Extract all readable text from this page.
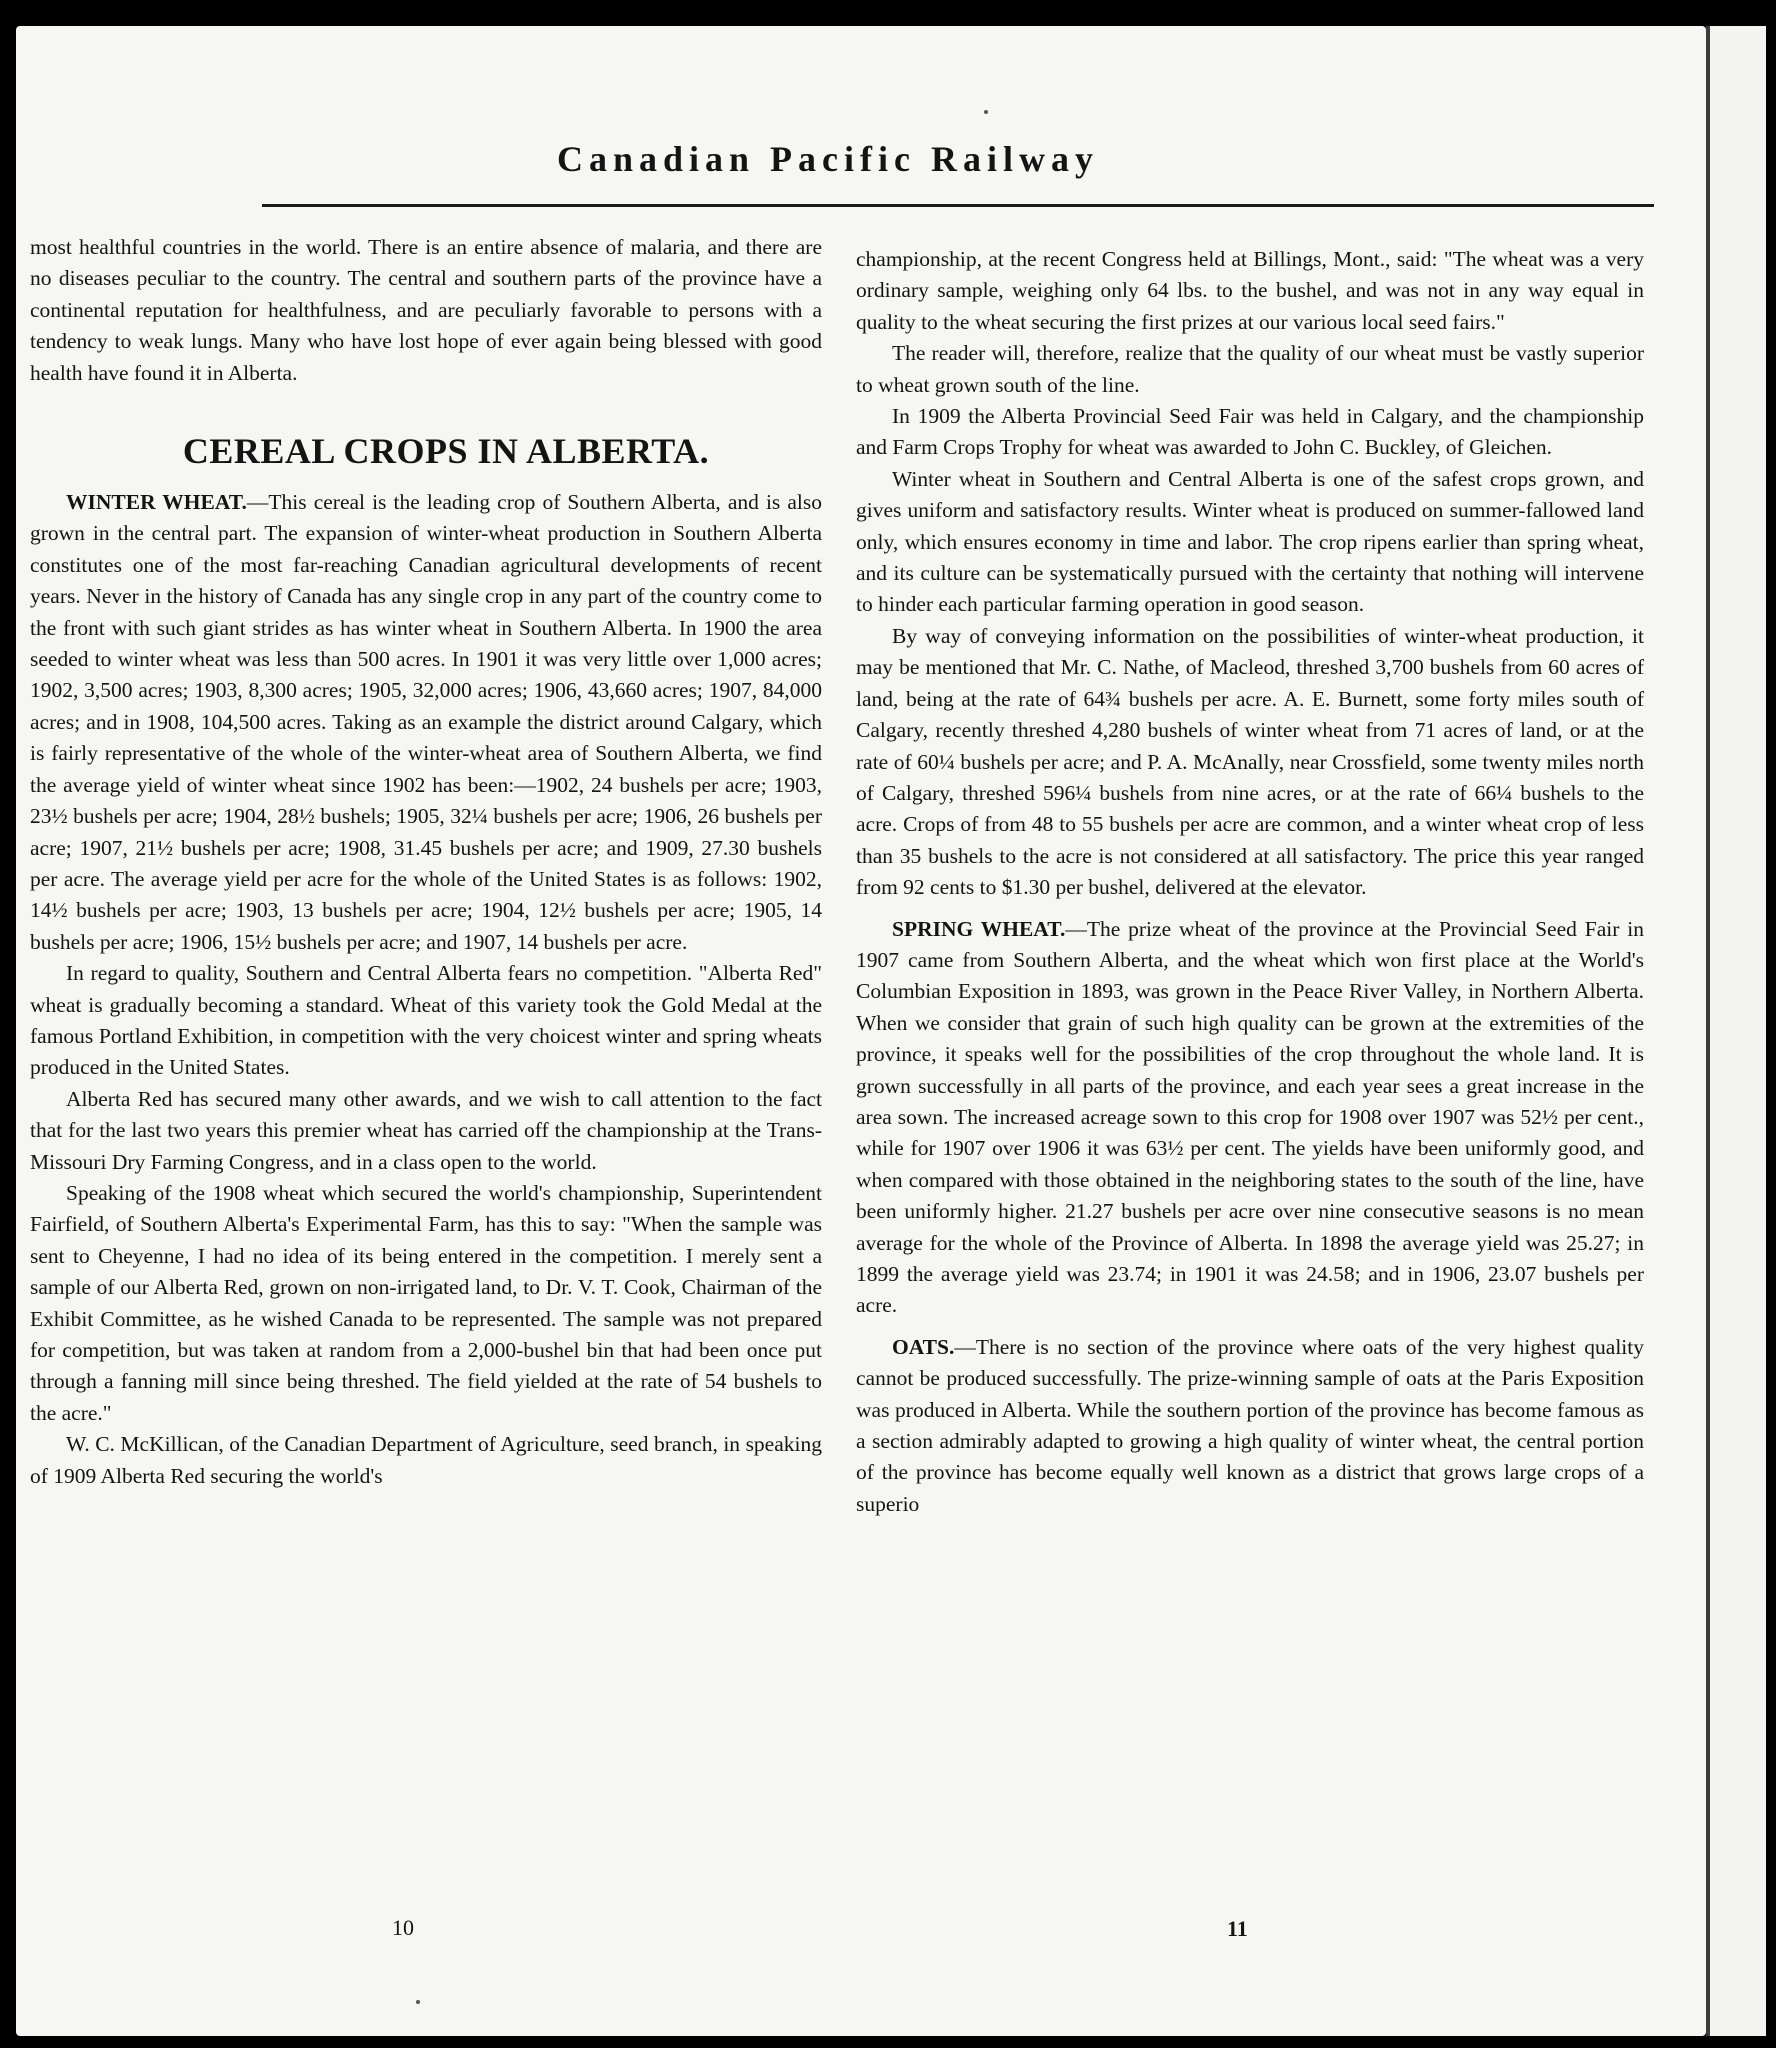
Canadian Pacific Railway

most healthful countries in the world. There is an entire absence of malaria, and there are no diseases peculiar to the country. The central and southern parts of the province have a continental reputation for healthfulness, and are peculiarly favorable to persons with a tendency to weak lungs. Many who have lost hope of ever again being blessed with good health have found it in Alberta.

CEREAL CROPS IN ALBERTA.

WINTER WHEAT.—This cereal is the leading crop of Southern Alberta, and is also grown in the central part. The expansion of winter-wheat production in Southern Alberta constitutes one of the most far-reaching Canadian agricultural developments of recent years. Never in the history of Canada has any single crop in any part of the country come to the front with such giant strides as has winter wheat in Southern Alberta. In 1900 the area seeded to winter wheat was less than 500 acres. In 1901 it was very little over 1,000 acres; 1902, 3,500 acres; 1903, 8,300 acres; 1905, 32,000 acres; 1906, 43,660 acres; 1907, 84,000 acres; and in 1908, 104,500 acres. Taking as an example the district around Calgary, which is fairly representative of the whole of the winter-wheat area of Southern Alberta, we find the average yield of winter wheat since 1902 has been:—1902, 24 bushels per acre; 1903, 23½ bushels per acre; 1904, 28½ bushels; 1905, 32¼ bushels per acre; 1906, 26 bushels per acre; 1907, 21½ bushels per acre; 1908, 31.45 bushels per acre; and 1909, 27.30 bushels per acre. The average yield per acre for the whole of the United States is as follows: 1902, 14½ bushels per acre; 1903, 13 bushels per acre; 1904, 12½ bushels per acre; 1905, 14 bushels per acre; 1906, 15½ bushels per acre; and 1907, 14 bushels per acre.

In regard to quality, Southern and Central Alberta fears no competition. "Alberta Red" wheat is gradually becoming a standard. Wheat of this variety took the Gold Medal at the famous Portland Exhibition, in competition with the very choicest winter and spring wheats produced in the United States.

Alberta Red has secured many other awards, and we wish to call attention to the fact that for the last two years this premier wheat has carried off the championship at the Trans-Missouri Dry Farming Congress, and in a class open to the world.

Speaking of the 1908 wheat which secured the world's championship, Superintendent Fairfield, of Southern Alberta's Experimental Farm, has this to say: "When the sample was sent to Cheyenne, I had no idea of its being entered in the competition. I merely sent a sample of our Alberta Red, grown on non-irrigated land, to Dr. V. T. Cook, Chairman of the Exhibit Committee, as he wished Canada to be represented. The sample was not prepared for competition, but was taken at random from a 2,000-bushel bin that had been once put through a fanning mill since being threshed. The field yielded at the rate of 54 bushels to the acre."

W. C. McKillican, of the Canadian Department of Agriculture, seed branch, in speaking of 1909 Alberta Red securing the world's

10

championship, at the recent Congress held at Billings, Mont., said: "The wheat was a very ordinary sample, weighing only 64 lbs. to the bushel, and was not in any way equal in quality to the wheat securing the first prizes at our various local seed fairs."

The reader will, therefore, realize that the quality of our wheat must be vastly superior to wheat grown south of the line.

In 1909 the Alberta Provincial Seed Fair was held in Calgary, and the championship and Farm Crops Trophy for wheat was awarded to John C. Buckley, of Gleichen.

Winter wheat in Southern and Central Alberta is one of the safest crops grown, and gives uniform and satisfactory results. Winter wheat is produced on summer-fallowed land only, which ensures economy in time and labor. The crop ripens earlier than spring wheat, and its culture can be systematically pursued with the certainty that nothing will intervene to hinder each particular farming operation in good season.

By way of conveying information on the possibilities of winter-wheat production, it may be mentioned that Mr. C. Nathe, of Macleod, threshed 3,700 bushels from 60 acres of land, being at the rate of 64¾ bushels per acre. A. E. Burnett, some forty miles south of Calgary, recently threshed 4,280 bushels of winter wheat from 71 acres of land, or at the rate of 60¼ bushels per acre; and P. A. McAnally, near Crossfield, some twenty miles north of Calgary, threshed 596¼ bushels from nine acres, or at the rate of 66¼ bushels to the acre. Crops of from 48 to 55 bushels per acre are common, and a winter wheat crop of less than 35 bushels to the acre is not considered at all satisfactory. The price this year ranged from 92 cents to $1.30 per bushel, delivered at the elevator.

SPRING WHEAT.—The prize wheat of the province at the Provincial Seed Fair in 1907 came from Southern Alberta, and the wheat which won first place at the World's Columbian Exposition in 1893, was grown in the Peace River Valley, in Northern Alberta. When we consider that grain of such high quality can be grown at the extremities of the province, it speaks well for the possibilities of the crop throughout the whole land. It is grown successfully in all parts of the province, and each year sees a great increase in the area sown. The increased acreage sown to this crop for 1908 over 1907 was 52½ per cent., while for 1907 over 1906 it was 63½ per cent. The yields have been uniformly good, and when compared with those obtained in the neighboring states to the south of the line, have been uniformly higher. 21.27 bushels per acre over nine consecutive seasons is no mean average for the whole of the Province of Alberta. In 1898 the average yield was 25.27; in 1899 the average yield was 23.74; in 1901 it was 24.58; and in 1906, 23.07 bushels per acre.

OATS.—There is no section of the province where oats of the very highest quality cannot be produced successfully. The prize-winning sample of oats at the Paris Exposition was produced in Alberta. While the southern portion of the province has become famous as a section admirably adapted to growing a high quality of winter wheat, the central portion of the province has become equally well known as a district that grows large crops of a superio

11
